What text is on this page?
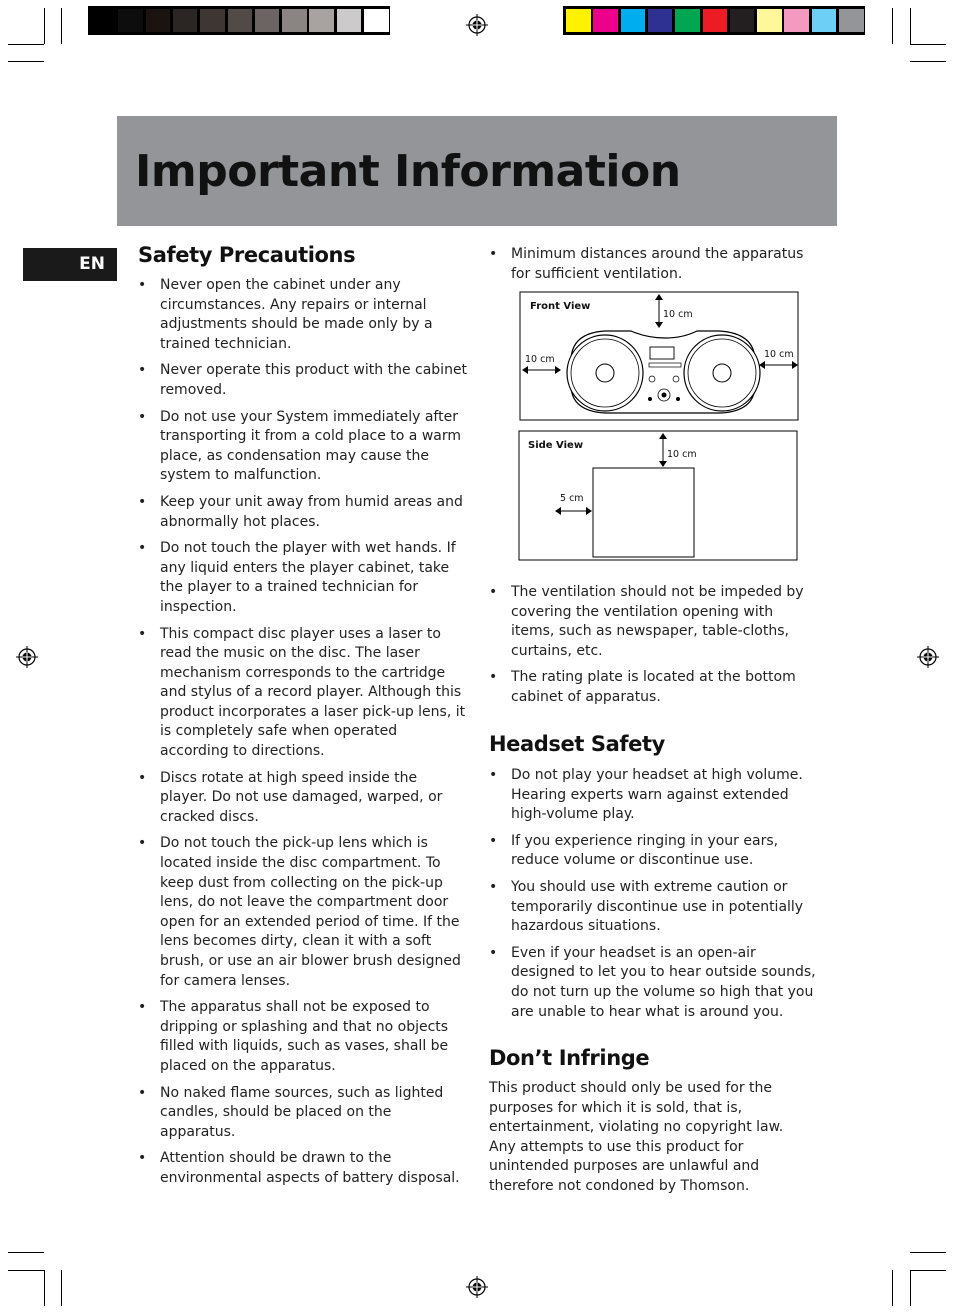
Important Information
EN Safety Precautions
• Never open the cabinet under any circumstances. Any repairs or internal adjustments should be made only by a trained technician.
• Never operate this product with the cabinet removed.
• Do not use your System immediately after transporting it from a cold place to a warm place, as condensation may cause the system to malfunction.
• Keep your unit away from humid areas and abnormally hot places.
• Do not touch the player with wet hands. If any liquid enters the player cabinet, take the player to a trained technician for inspection.
• This compact disc player uses a laser to read the music on the disc. The laser mechanism corresponds to the cartridge and stylus of a record player. Although this product incorporates a laser pick-up lens, it is completely safe when operated according to directions.
• Discs rotate at high speed inside the player. Do not use damaged, warped, or cracked discs.
• Do not touch the pick-up lens which is located inside the disc compartment. To keep dust from collecting on the pick-up lens, do not leave the compartment door open for an extended period of time. If the lens becomes dirty, clean it with a soft brush, or use an air blower brush designed for camera lenses.
• The apparatus shall not be exposed to dripping or splashing and that no objects filled with liquids, such as vases, shall be placed on the apparatus.
• No naked flame sources, such as lighted candles, should be placed on the apparatus.
• Attention should be drawn to the environmental aspects of battery disposal.
• Minimum distances around the apparatus for sufficient ventilation.
Front View
10 cm
10 cm	10 cm
Side View
10 cm
5 cm
• The ventilation should not be impeded by covering the ventilation opening with items, such as newspaper, table-cloths, curtains, etc.
• The rating plate is located at the bottom cabinet of apparatus.
Headset Safety
• Do not play your headset at high volume. Hearing experts warn against extended high-volume play.
• If you experience ringing in your ears, reduce volume or discontinue use.
• You should use with extreme caution or temporarily discontinue use in potentially hazardous situations.
• Even if your headset is an open-air designed to let you to hear outside sounds, do not turn up the volume so high that you are unable to hear what is around you.
Don’t Infringe

This product should only be used for the purposes for which it is sold, that is, entertainment, violating no copyright law. Any attempts to use this product for unintended purposes are unlawful and therefore not condoned by Thomson.
